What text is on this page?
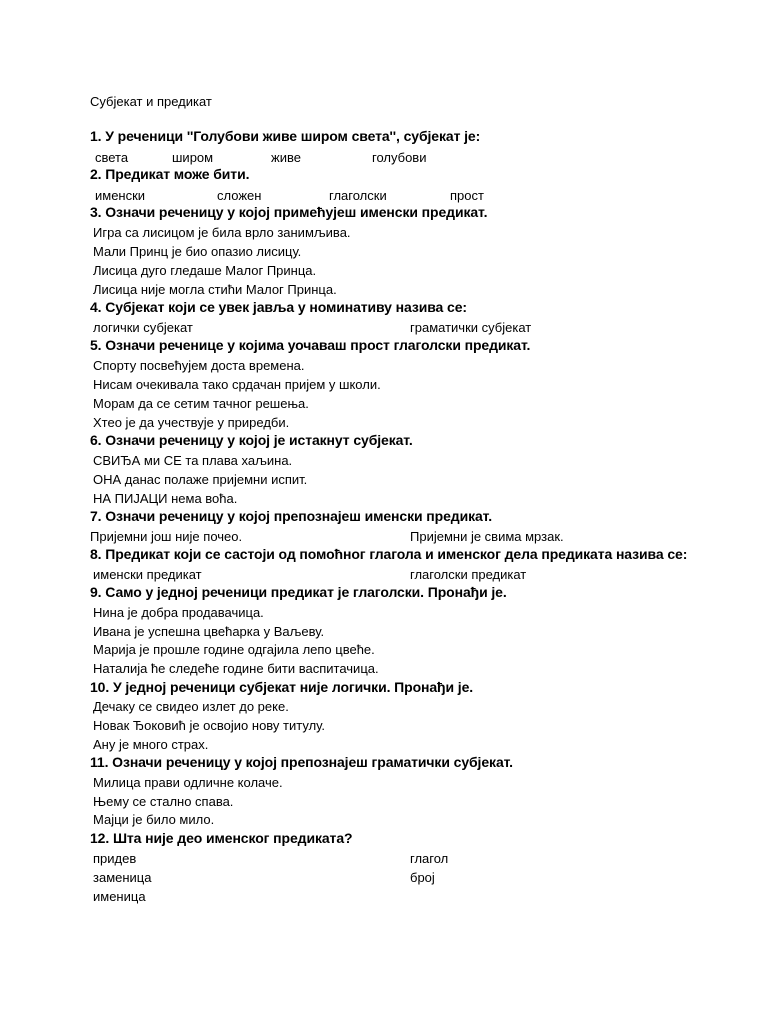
Субјекат и предикат
1. У реченици ''Голубови живе широм света'', субјекат је:
света	широм	живе	голубови
2. Предикат може бити.
именски	сложен	глаголски	прост
3. Означи реченицу у којој примећујеш именски предикат.
Игра са лисицом је била врло занимљива.
Мали Принц је био опазио лисицу.
Лисица дуго гледаше Малог Принца.
Лисица није могла стићи Малог Принца.
4. Субјекат који се увек јавља у номинативу назива се:
логички субјекат	граматички субјекат
5. Означи реченице у којима уочаваш прост глаголски предикат.
Спорту посвећујем доста времена.
Нисам очекивала тако срдачан пријем у школи.
Морам да се сетим тачног решења.
Хтео је да учествује у приредби.
6. Означи реченицу у којој је истакнут субјекат.
СВИЂА ми СЕ та плава хаљина.
ОНА данас полаже пријемни испит.
НА ПИЈАЦИ нема воћа.
7. Означи реченицу у којој препознајеш именски предикат.
Пријемни још није почео.	Пријемни је свима мрзак.
8. Предикат који се састоји од помоћног глагола и именског дела предиката назива се:
именски предикат	глаголски предикат
9. Само у једној реченици предикат је глаголски. Пронађи је.
Нина је добра продавачица.
Ивана је успешна цвећарка у Ваљеву.
Марија је прошле године одгајила лепо цвеће.
Наталија ће следеће године бити васпитачица.
10. У једној реченици субјекат није логички. Пронађи је.
Дечаку се свидео излет до реке.
Новак Ђоковић је освојио нову титулу.
Ану је много страх.
11. Означи реченицу у којој препознајеш граматички субјекат.
Милица прави одличне колаче.
Њему се стално спава.
Мајци је било мило.
12. Шта није део именског предиката?
придев	глагол
заменица	број
именица
